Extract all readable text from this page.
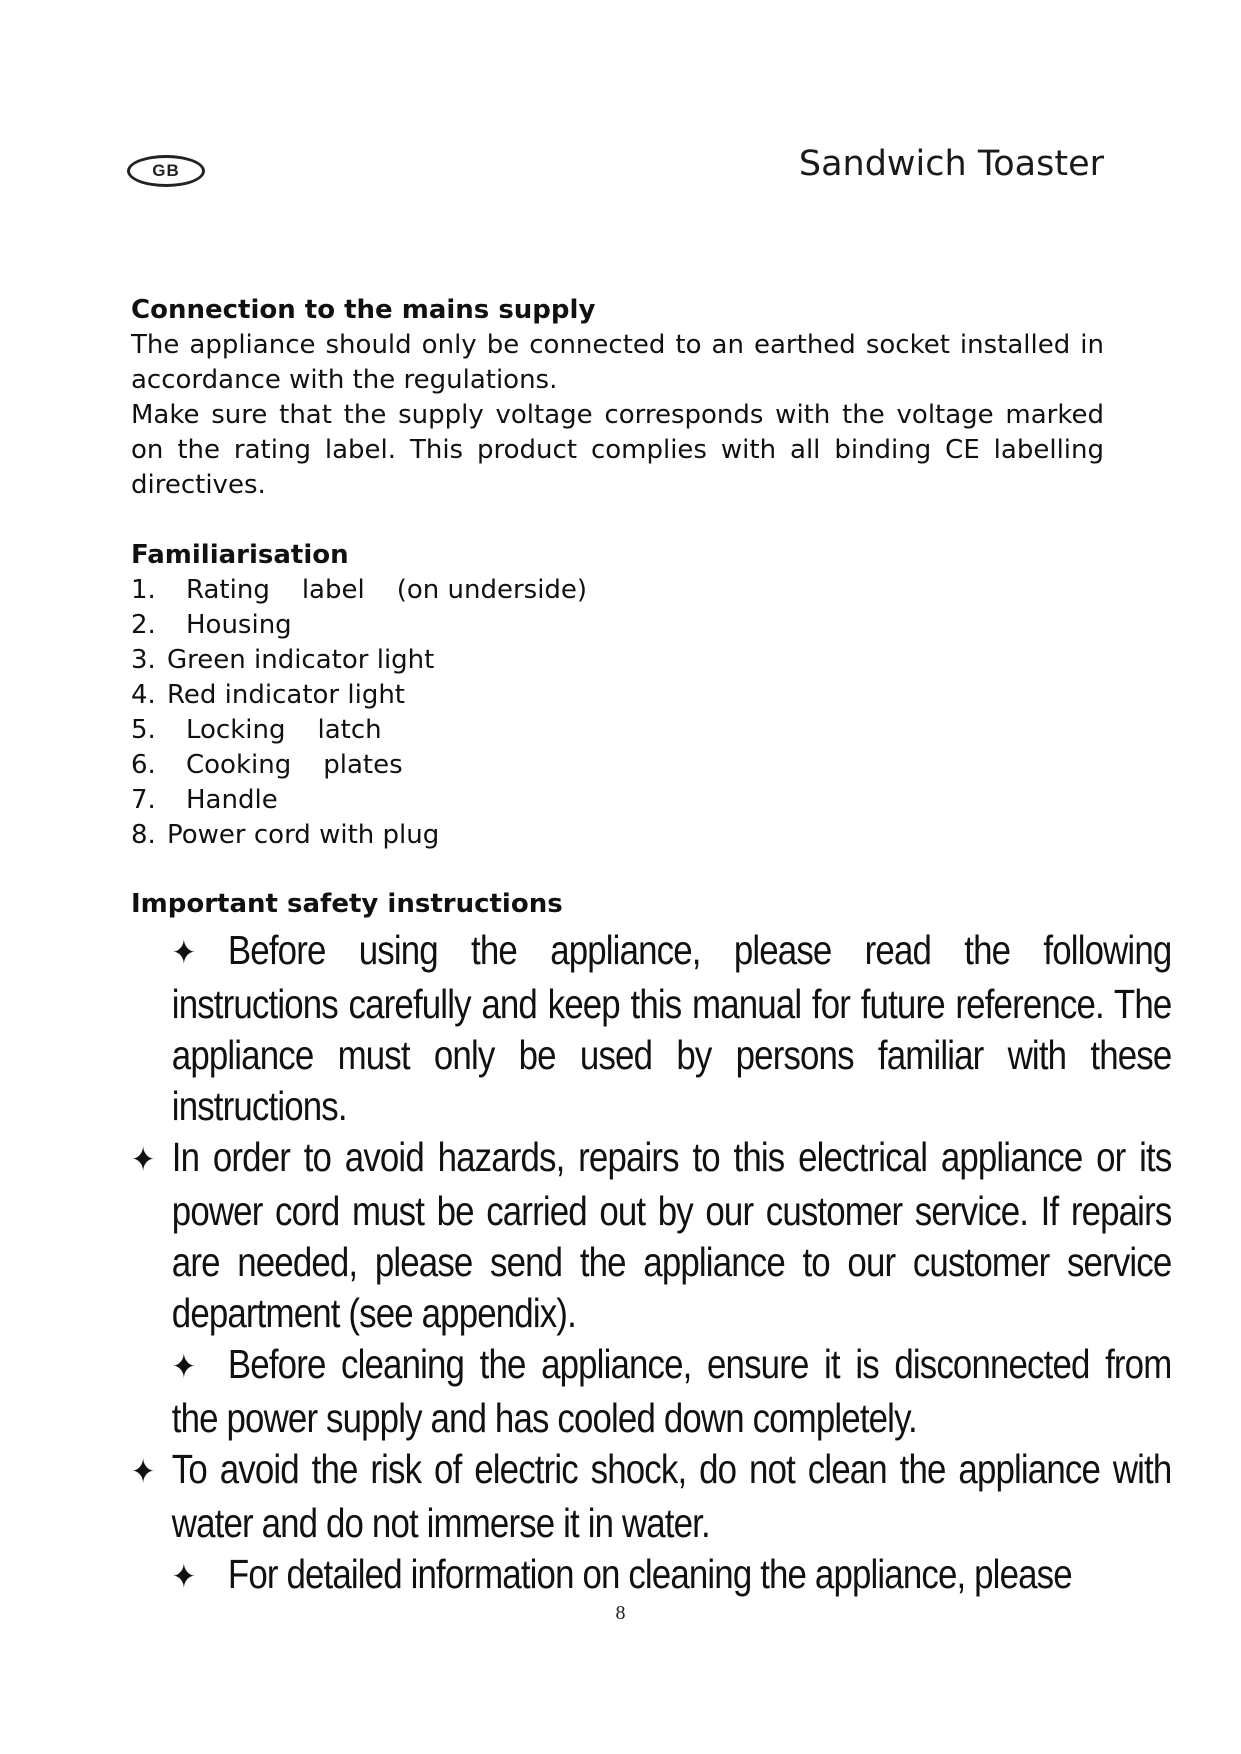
GB	Sandwich Toaster
Connection to the mains supply

The appliance should only be connected to an earthed socket installed in accordance with the regulations.

Make sure that the supply voltage corresponds with the voltage marked on the rating label. This product complies with all binding CE labelling directives.

Familiarisation
1. Rating label (on underside)
2. Housing
3. Green indicator light
4. Red indicator light
5. Locking latch
6. Cooking plates
7. Handle
8. Power cord with plug
Important safety instructions

✦ Before using the appliance, please read the following instructions carefully and keep this manual for future reference. The appliance must only be used by persons familiar with these instructions.

✦ In order to avoid hazards, repairs to this electrical appliance or its power cord must be carried out by our customer service. If repairs are needed, please send the appliance to our customer service department (see appendix).

✦ Before cleaning the appliance, ensure it is disconnected from the power supply and has cooled down completely.

✦ To avoid the risk of electric shock, do not clean the appliance with water and do not immerse it in water.

✦ For detailed information on cleaning the appliance, please

8
